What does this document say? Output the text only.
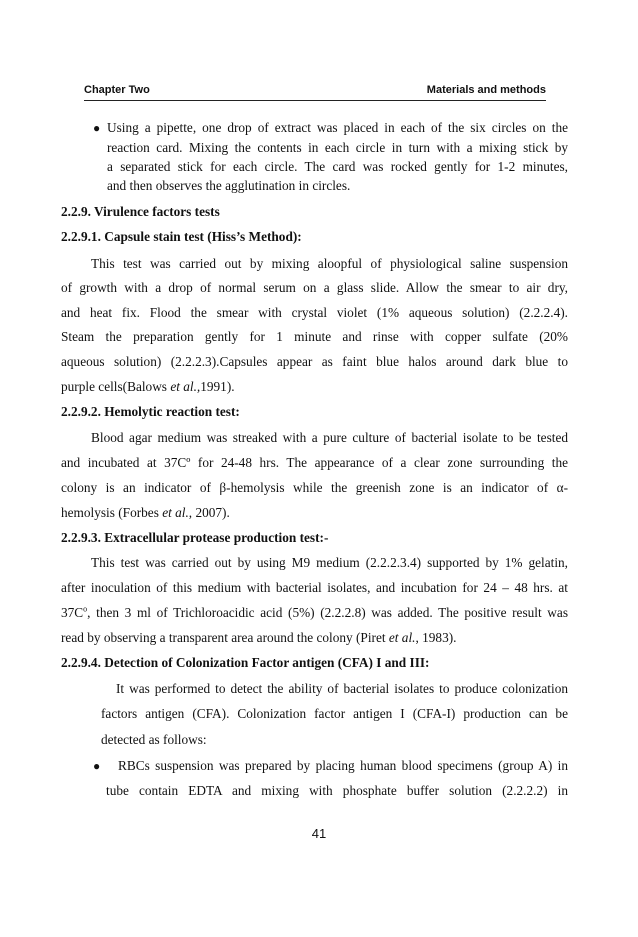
Chapter Two	Materials and methods
● Using a pipette, one drop of extract was placed in each of the six circles on the
reaction card. Mixing the contents in each circle in turn with a mixing stick by
a separated stick for each circle. The card was rocked gently for 1-2 minutes,
and then observes the agglutination in circles.
2.2.9. Virulence factors tests
2.2.9.1. Capsule stain test (Hiss’s Method):
This test was carried out by mixing aloopful of physiological saline suspension
of growth with a drop of normal serum on a glass slide. Allow the smear to air dry,
and heat fix. Flood the smear with crystal violet (1% aqueous solution) (2.2.2.4).
Steam the preparation gently for 1 minute and rinse with copper sulfate (20%
aqueous solution) (2.2.2.3).Capsules appear as faint blue halos around dark blue to
purple cells(Balows et al.,1991).
2.2.9.2. Hemolytic reaction test:
Blood agar medium was streaked with a pure culture of bacterial isolate to be tested
and incubated at 37Cº for 24-48 hrs. The appearance of a clear zone surrounding the
colony is an indicator of β-hemolysis while the greenish zone is an indicator of α-
hemolysis (Forbes et al., 2007).
2.2.9.3. Extracellular protease production test:-
This test was carried out by using M9 medium (2.2.2.3.4) supported by 1% gelatin,
after inoculation of this medium with bacterial isolates, and incubation for 24 – 48 hrs. at
$37C^o$, then 3 ml of Trichloroacidic acid (5%) (2.2.2.8) was added. The positive result was
read by observing a transparent area around the colony (Piret et al., 1983).
2.2.9.4. Detection of Colonization Factor antigen (CFA) I and III:
It was performed to detect the ability of bacterial isolates to produce colonization
factors antigen (CFA). Colonization factor antigen I (CFA-I) production can be
detected as follows:
● RBCs suspension was prepared by placing human blood specimens (group A) in
tube contain EDTA and mixing with phosphate buffer solution (2.2.2.2) in
41
